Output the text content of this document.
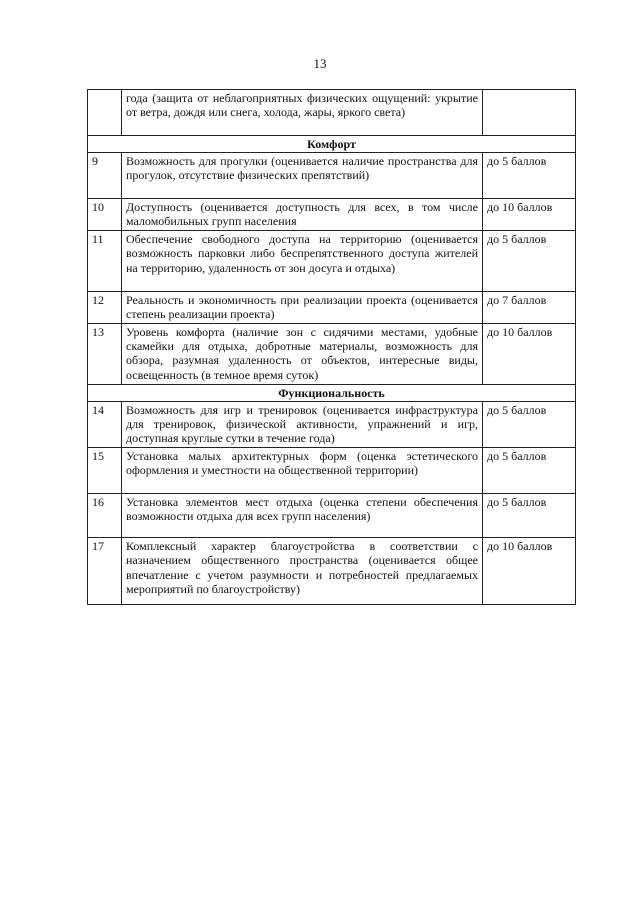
13
	года (защита от неблагоприятных физических ощущений: укрытие от ветра, дождя или снега, холода, жары, яркого света)	
Комфорт		
9	Возможность для прогулки (оценивается наличие пространства для прогулок, отсутствие физических препятствий)	до 5 баллов
10	Доступность (оценивается доступность для всех, в том числе маломобильных групп населения	до 10 баллов
11	Обеспечение свободного доступа на территорию (оценивается возможность парковки либо беспрепятственного доступа жителей на территорию, удаленность от зон досуга и отдыха)	до 5 баллов
12	Реальность и экономичность при реализации проекта (оценивается степень реализации проекта)	до 7 баллов
13	Уровень комфорта (наличие зон с сидячими местами, удобные скамейки для отдыха, добротные материалы, возможность для обзора, разумная удаленность от объектов, интересные виды, освещенность (в темное время суток)	до 10 баллов
Функциональность		
14	Возможность для игр и тренировок (оценивается инфраструктура для тренировок, физической активности, упражнений и игр, доступная круглые сутки в течение года)	до 5 баллов
15	Установка малых архитектурных форм (оценка эстетического оформления и уместности на общественной территории)	до 5 баллов
16	Установка элементов мест отдыха (оценка степени обеспечения возможности отдыха для всех групп населения)	до 5 баллов
17	Комплексный характер благоустройства в соответствии с назначением общественного пространства (оценивается общее впечатление с учетом разумности и потребностей предлагаемых мероприятий по благоустройству)	до 10 баллов
